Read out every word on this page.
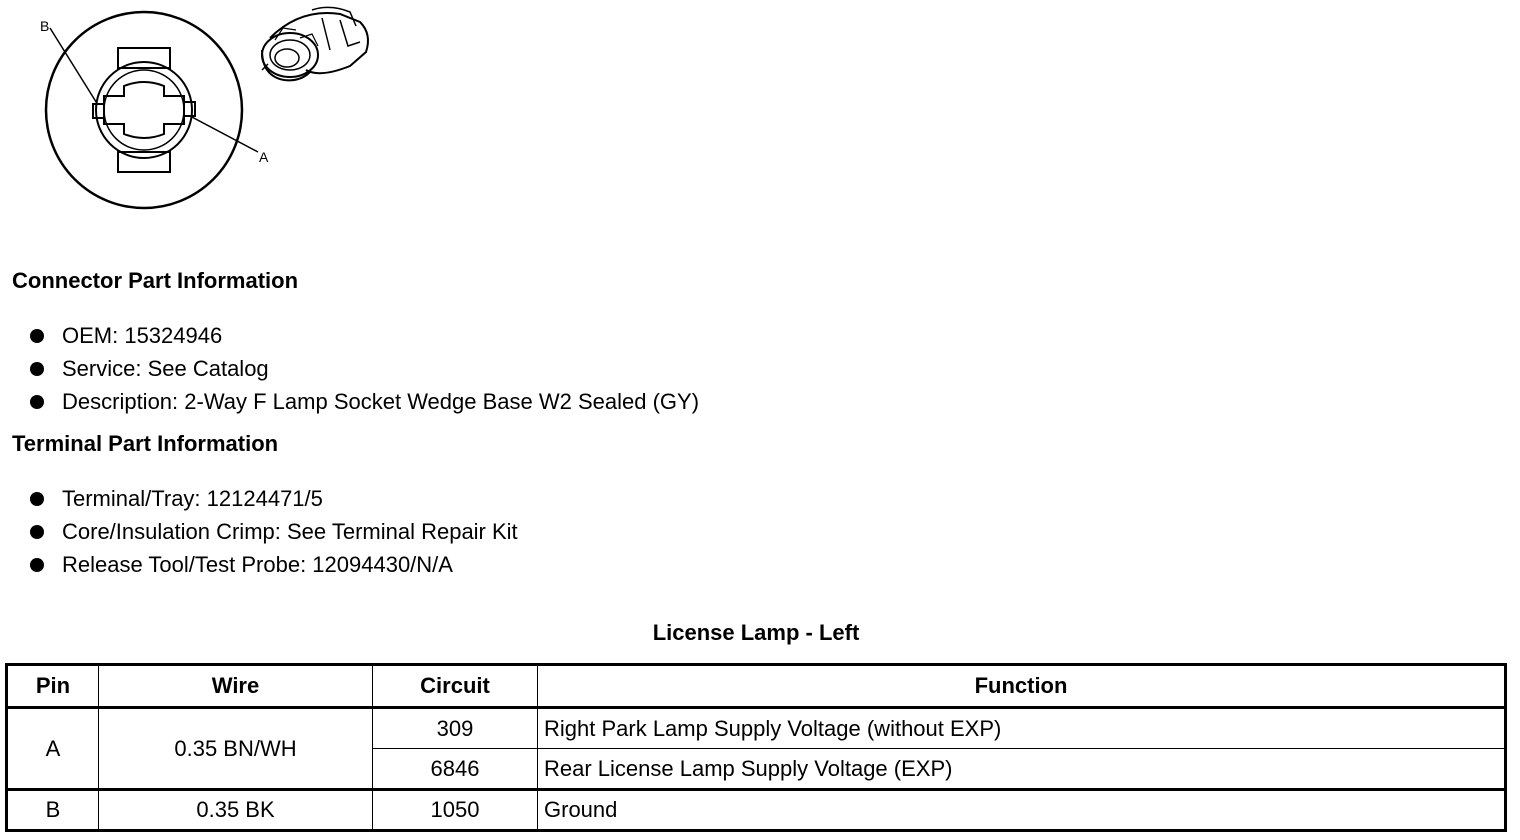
B
A
Connector Part Information
OEM: 15324946
Service: See Catalog
Description: 2-Way F Lamp Socket Wedge Base W2 Sealed (GY)
Terminal Part Information
Terminal/Tray: 12124471/5
Core/Insulation Crimp: See Terminal Repair Kit
Release Tool/Test Probe: 12094430/N/A
License Lamp - Left
Pin	Wire	Circuit	Function
A	0.35 BN/WH	309	Right Park Lamp Supply Voltage (without EXP)
		6846	Rear License Lamp Supply Voltage (EXP)
B	0.35 BK	1050	Ground
